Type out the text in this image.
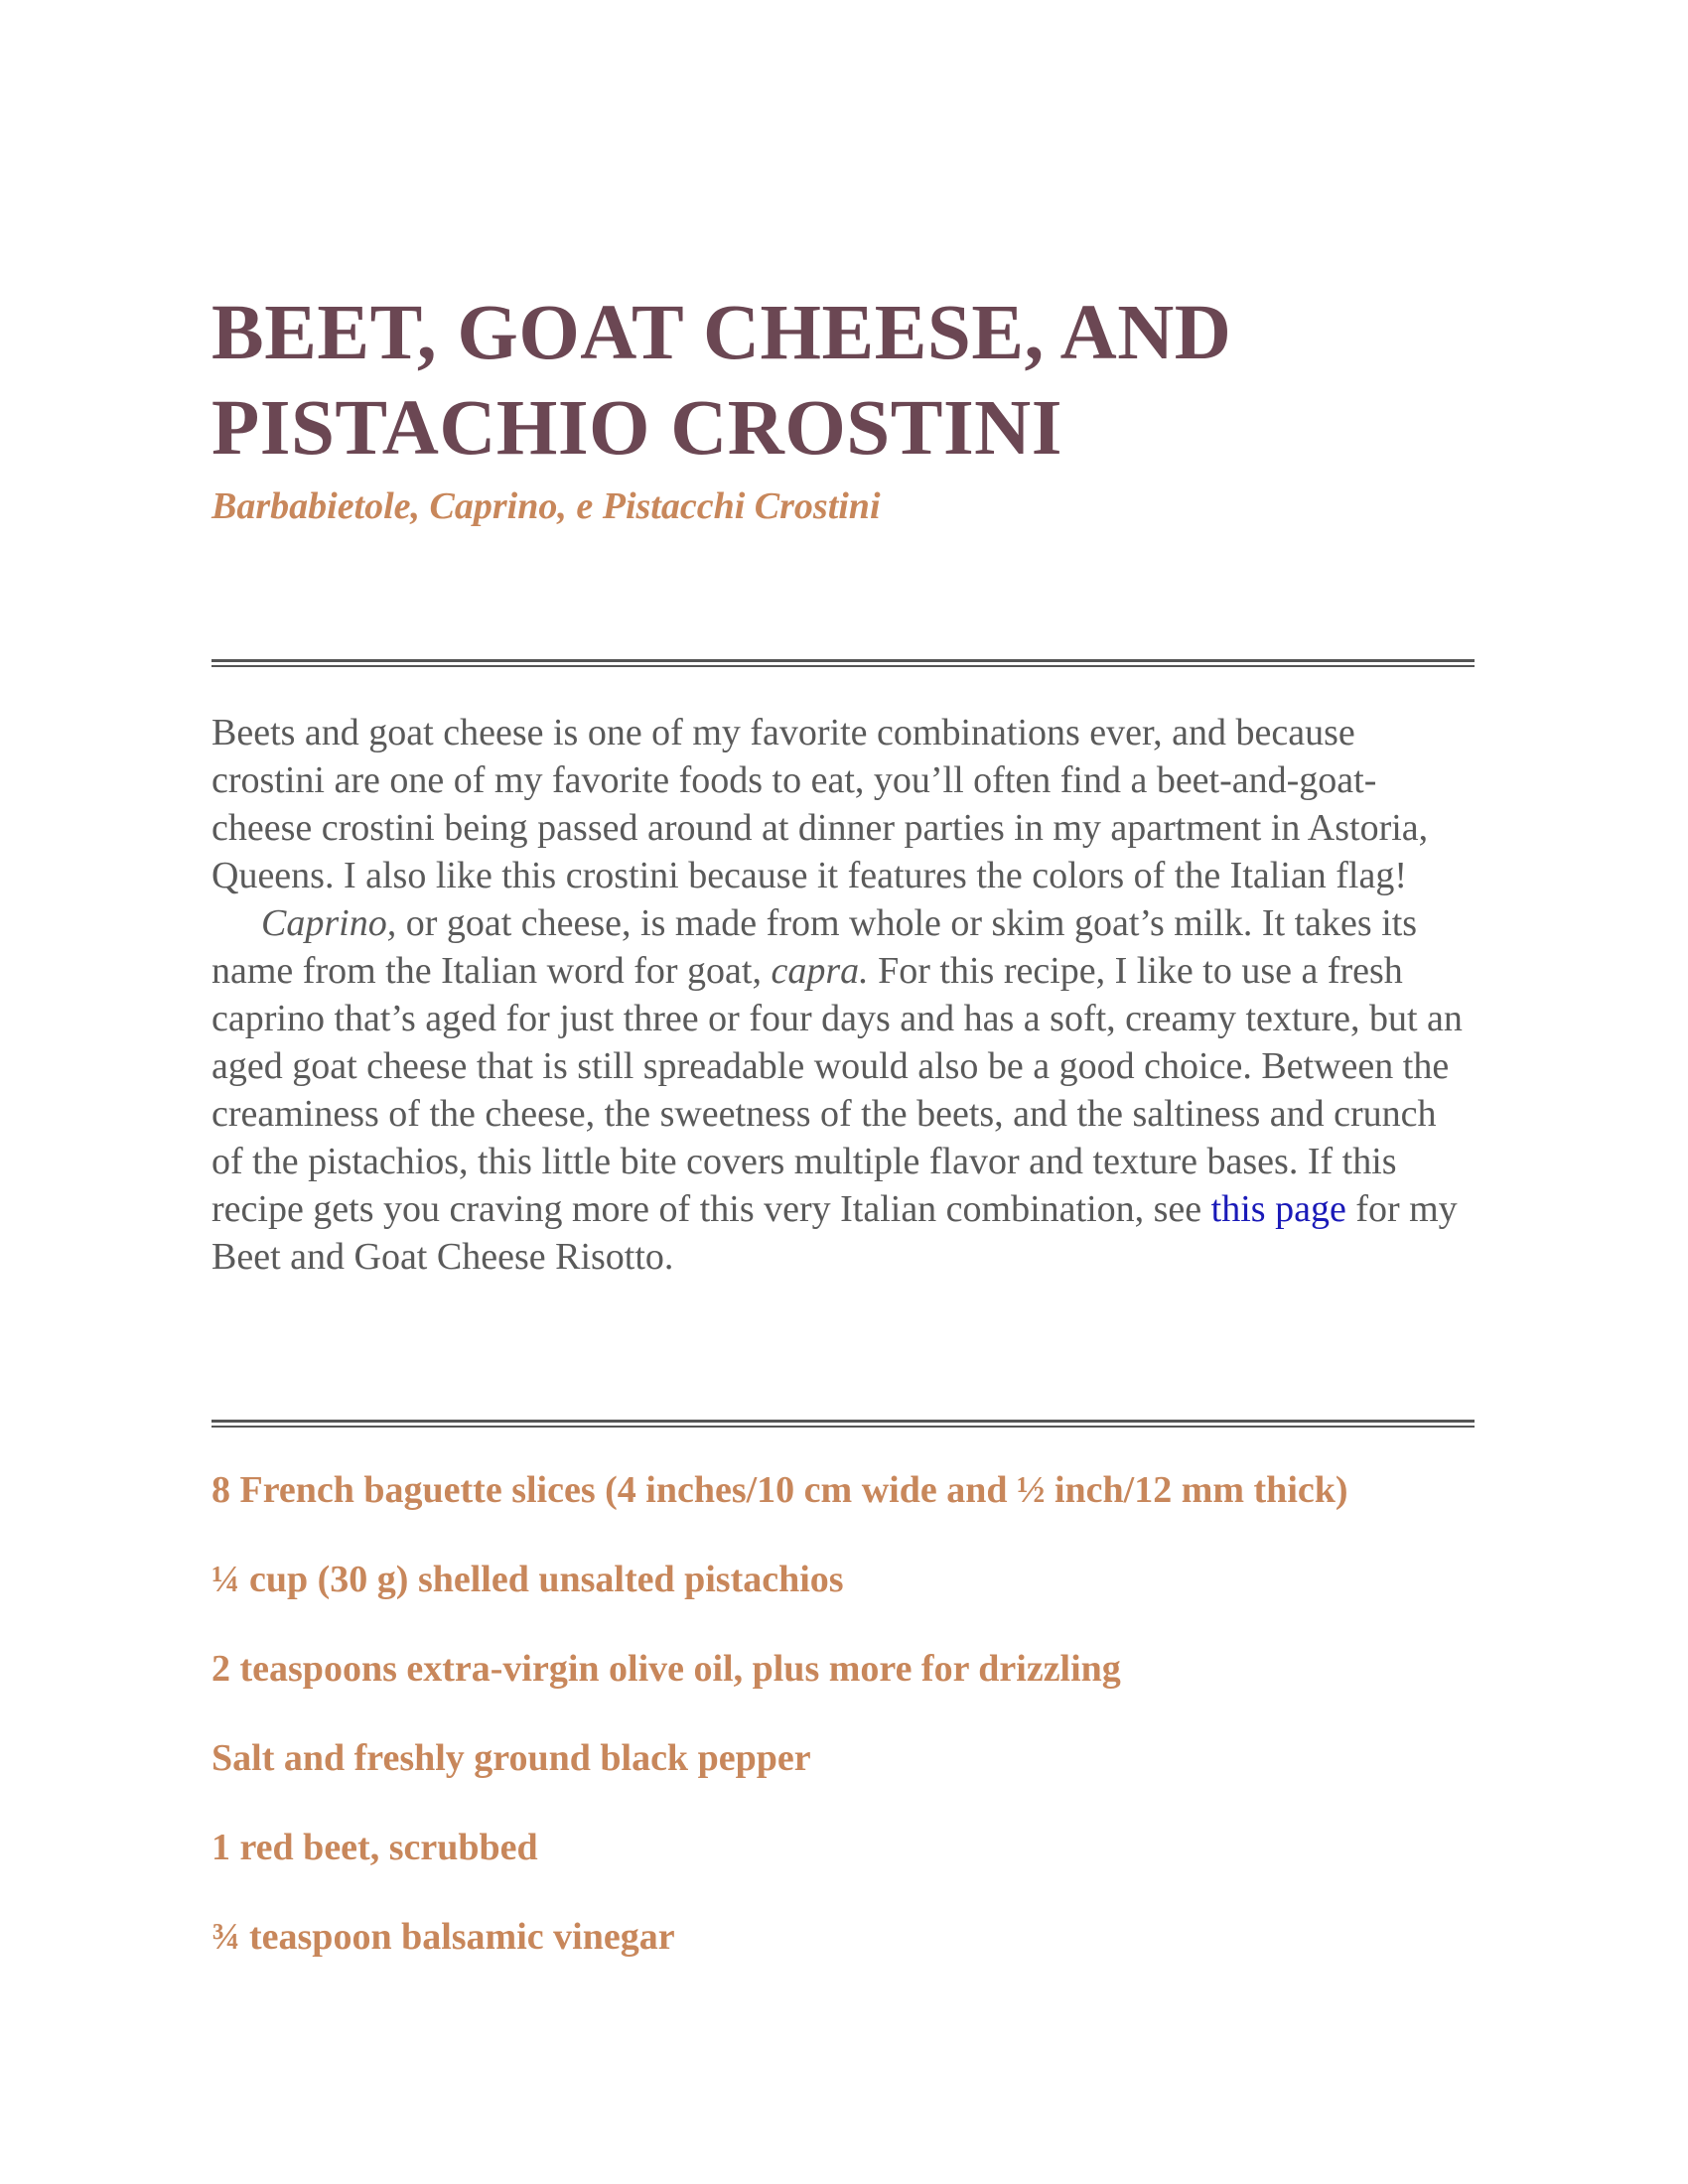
BEET, GOAT CHEESE, AND
PISTACHIO CROSTINI

Barbabietole, Caprino, e Pistacchi Crostini

Beets and goat cheese is one of my favorite combinations ever, and because crostini are one of my favorite foods to eat, you’ll often find a beet-and-goat-cheese crostini being passed around at dinner parties in my apartment in Astoria, Queens. I also like this crostini because it features the colors of the Italian flag!

Caprino, or goat cheese, is made from whole or skim goat’s milk. It takes its name from the Italian word for goat, capra. For this recipe, I like to use a fresh caprino that’s aged for just three or four days and has a soft, creamy texture, but an aged goat cheese that is still spreadable would also be a good choice. Between the creaminess of the cheese, the sweetness of the beets, and the saltiness and crunch of the pistachios, this little bite covers multiple flavor and texture bases. If this recipe gets you craving more of this very Italian combination, see this page for my Beet and Goat Cheese Risotto.

8 French baguette slices (4 inches/10 cm wide and ½ inch/12 mm thick)
¼ cup (30 g) shelled unsalted pistachios
2 teaspoons extra-virgin olive oil, plus more for drizzling
Salt and freshly ground black pepper
1 red beet, scrubbed
¾ teaspoon balsamic vinegar
